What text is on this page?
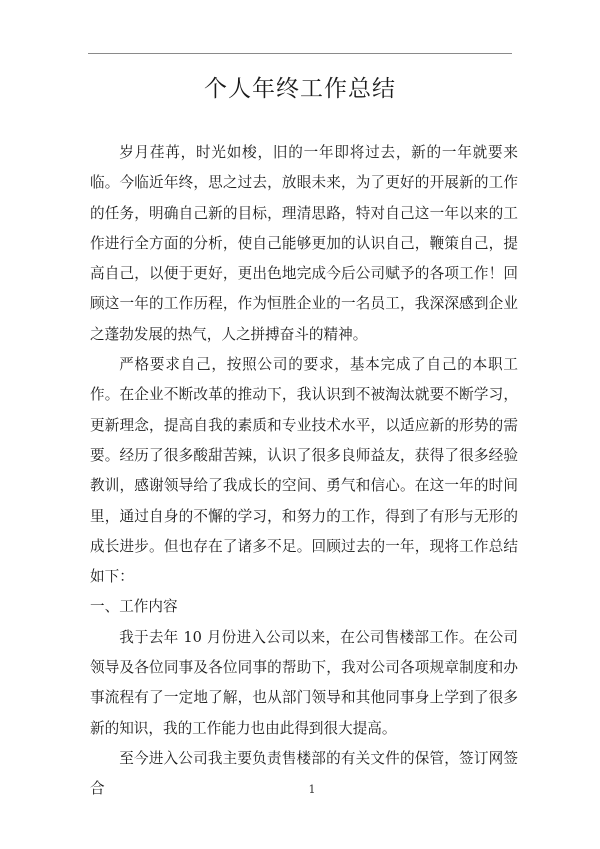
个人年终工作总结

岁月荏苒，时光如梭，旧的一年即将过去，新的一年就要来临。今临近年终，思之过去，放眼未来，为了更好的开展新的工作的任务，明确自己新的目标，理清思路，特对自己这一年以来的工作进行全方面的分析，使自己能够更加的认识自己，鞭策自己，提高自己，以便于更好，更出色地完成今后公司赋予的各项工作！回顾这一年的工作历程，作为恒胜企业的一名员工，我深深感到企业之蓬勃发展的热气，人之拼搏奋斗的精神。

严格要求自己，按照公司的要求，基本完成了自己的本职工作。在企业不断改革的推动下，我认识到不被淘汰就要不断学习，更新理念，提高自我的素质和专业技术水平，以适应新的形势的需要。经历了很多酸甜苦辣，认识了很多良师益友，获得了很多经验教训，感谢领导给了我成长的空间、勇气和信心。在这一年的时间里，通过自身的不懈的学习，和努力的工作，得到了有形与无形的成长进步。但也存在了诸多不足。回顾过去的一年，现将工作总结如下：

一、工作内容

我于去年 10 月份进入公司以来，在公司售楼部工作。在公司领导及各位同事及各位同事的帮助下，我对公司各项规章制度和办事流程有了一定地了解，也从部门领导和其他同事身上学到了很多新的知识，我的工作能力也由此得到很大提高。

至今进入公司我主要负责售楼部的有关文件的保管，签订网签合	1
